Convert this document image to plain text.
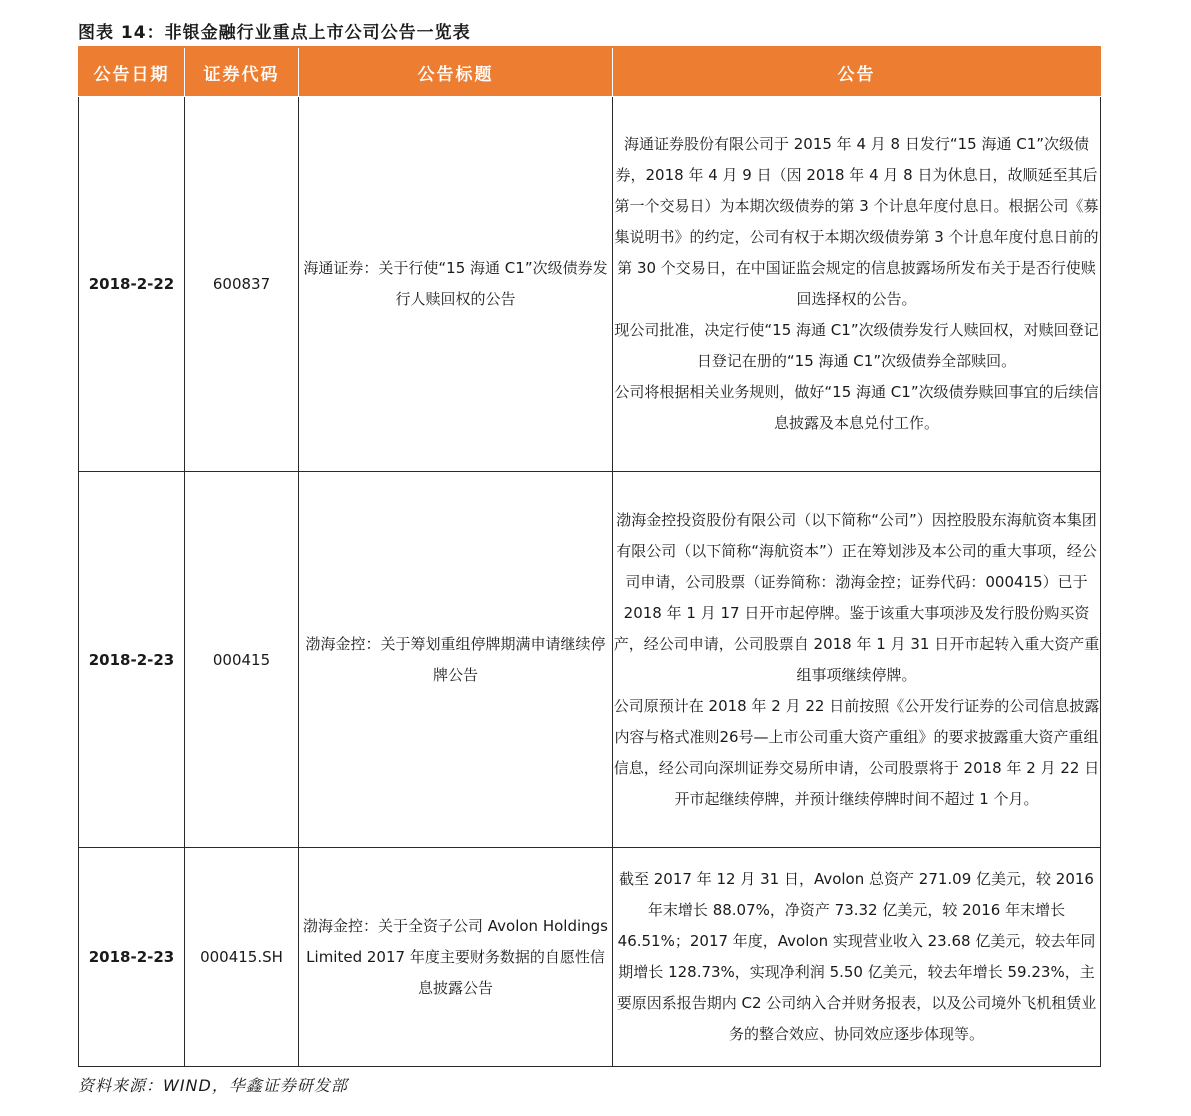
图表 14：非银金融行业重点上市公司公告一览表
公告日期	证券代码	公告标题	公告
2018-2-22	600837	海通证券：关于行使“15 海通 C1”次级债券发行人赎回权的公告	海通证券股份有限公司于 2015 年 4 月 8 日发行“15 海通 C1”次级债券，2018 年 4 月 9 日（因 2018 年 4 月 8 日为休息日，故顺延至其后第一个交易日）为本期次级债券的第 3 个计息年度付息日。根据公司《募集说明书》的约定，公司有权于本期次级债券第 3 个计息年度付息日前的第 30 个交易日，在中国证监会规定的信息披露场所发布关于是否行使赎回选择权的公告。

现公司批准，决定行使“15 海通 C1”次级债券发行人赎回权，对赎回登记日登记在册的“15 海通 C1”次级债券全部赎回。

公司将根据相关业务规则，做好“15 海通 C1”次级债券赎回事宜的后续信息披露及本息兑付工作。

2018-2-23	000415	渤海金控：关于筹划重组停牌期满申请继续停牌公告	渤海金控投资股份有限公司（以下简称“公司”）因控股股东海航资本集团有限公司（以下简称“海航资本”）正在筹划涉及本公司的重大事项，经公司申请，公司股票（证券简称：渤海金控；证券代码：000415）已于 2018 年 1 月 17 日开市起停牌。鉴于该重大事项涉及发行股份购买资产，经公司申请，公司股票自 2018 年 1 月 31 日开市起转入重大资产重组事项继续停牌。

公司原预计在 2018 年 2 月 22 日前按照《公开发行证券的公司信息披露内容与格式准则26号—上市公司重大资产重组》的要求披露重大资产重组信息，经公司向深圳证券交易所申请，公司股票将于 2018 年 2 月 22 日开市起继续停牌，并预计继续停牌时间不超过 1 个月。

2018-2-23	000415.SH	渤海金控：关于全资子公司 Avolon Holdings Limited 2017 年度主要财务数据的自愿性信息披露公告	截至 2017 年 12 月 31 日，Avolon 总资产 271.09 亿美元，较 2016 年末增长 88.07%，净资产 73.32 亿美元，较 2016 年末增长 46.51%；2017 年度，Avolon 实现营业收入 23.68 亿美元，较去年同期增长 128.73%，实现净利润 5.50 亿美元，较去年增长 59.23%，主要原因系报告期内 C2 公司纳入合并财务报表，以及公司境外飞机租赁业务的整合效应、协同效应逐步体现等。

资料来源：WIND，华鑫证券研发部
